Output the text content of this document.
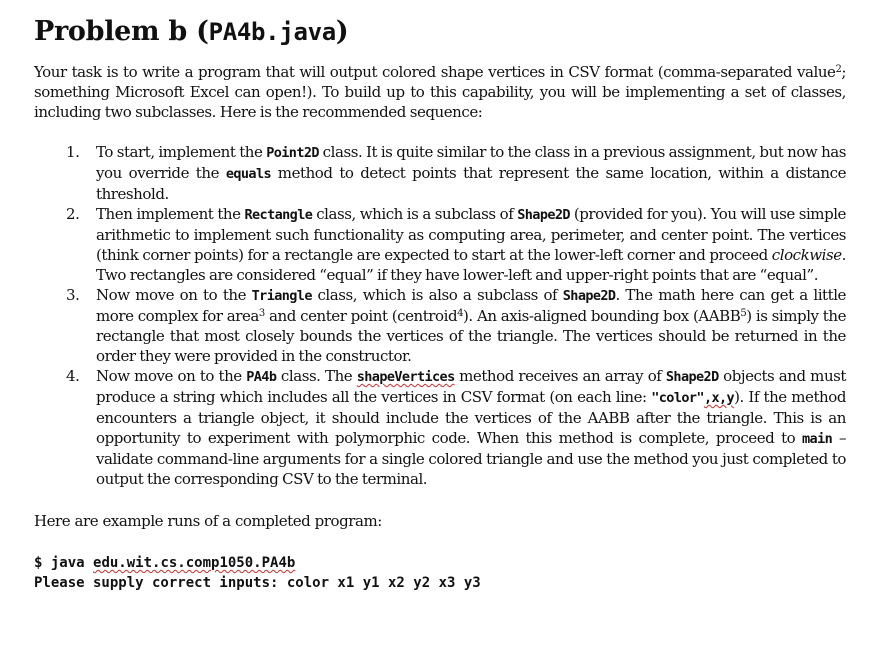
Problem b (PA4b.java)

Your task is to write a program that will output colored shape vertices in CSV format (comma-separated value$^2$; something Microsoft Excel can open!). To build up to this capability, you will be implementing a set of classes, including two subclasses. Here is the recommended sequence:

1.	To start, implement the Point2D class. It is quite similar to the class in a previous assignment, but now has you override the equals method to detect points that represent the same location, within a distance threshold.
2.	Then implement the Rectangle class, which is a subclass of Shape2D (provided for you). You will use simple arithmetic to implement such functionality as computing area, perimeter, and center point. The vertices (think corner points) for a rectangle are expected to start at the lower-left corner and proceed clockwise. Two rectangles are considered “equal” if they have lower-left and upper-right points that are “equal”.
3.	Now move on to the Triangle class, which is also a subclass of Shape2D. The math here can get a little more complex for area$^3$ and center point (centroid$^4$). An axis-aligned bounding box (AABB$^5$) is simply the rectangle that most closely bounds the vertices of the triangle. The vertices should be returned in the order they were provided in the constructor.
4.	Now move on to the PA4b class. The shapeVertices method receives an array of Shape2D objects and must produce a string which includes all the vertices in CSV format (on each line: "color",x,y). If the method encounters a triangle object, it should include the vertices of the AABB after the triangle. This is an opportunity to experiment with polymorphic code. When this method is complete, proceed to main – validate command-line arguments for a single colored triangle and use the method you just completed to output the corresponding CSV to the terminal.

Here are example runs of a completed program:

$ java edu.wit.cs.comp1050.PA4b
Please supply correct inputs: color x1 y1 x2 y2 x3 y3
